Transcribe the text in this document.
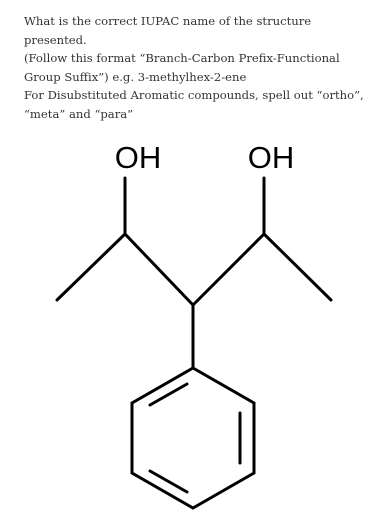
What is the correct IUPAC name of the structure presented.

(Follow this format “Branch-Carbon Prefix-Functional Group Suffix”) e.g. 3-methylhex-2-ene

For Disubstituted Aromatic compounds, spell out “ortho”, “meta” and “para”

OH	OH
